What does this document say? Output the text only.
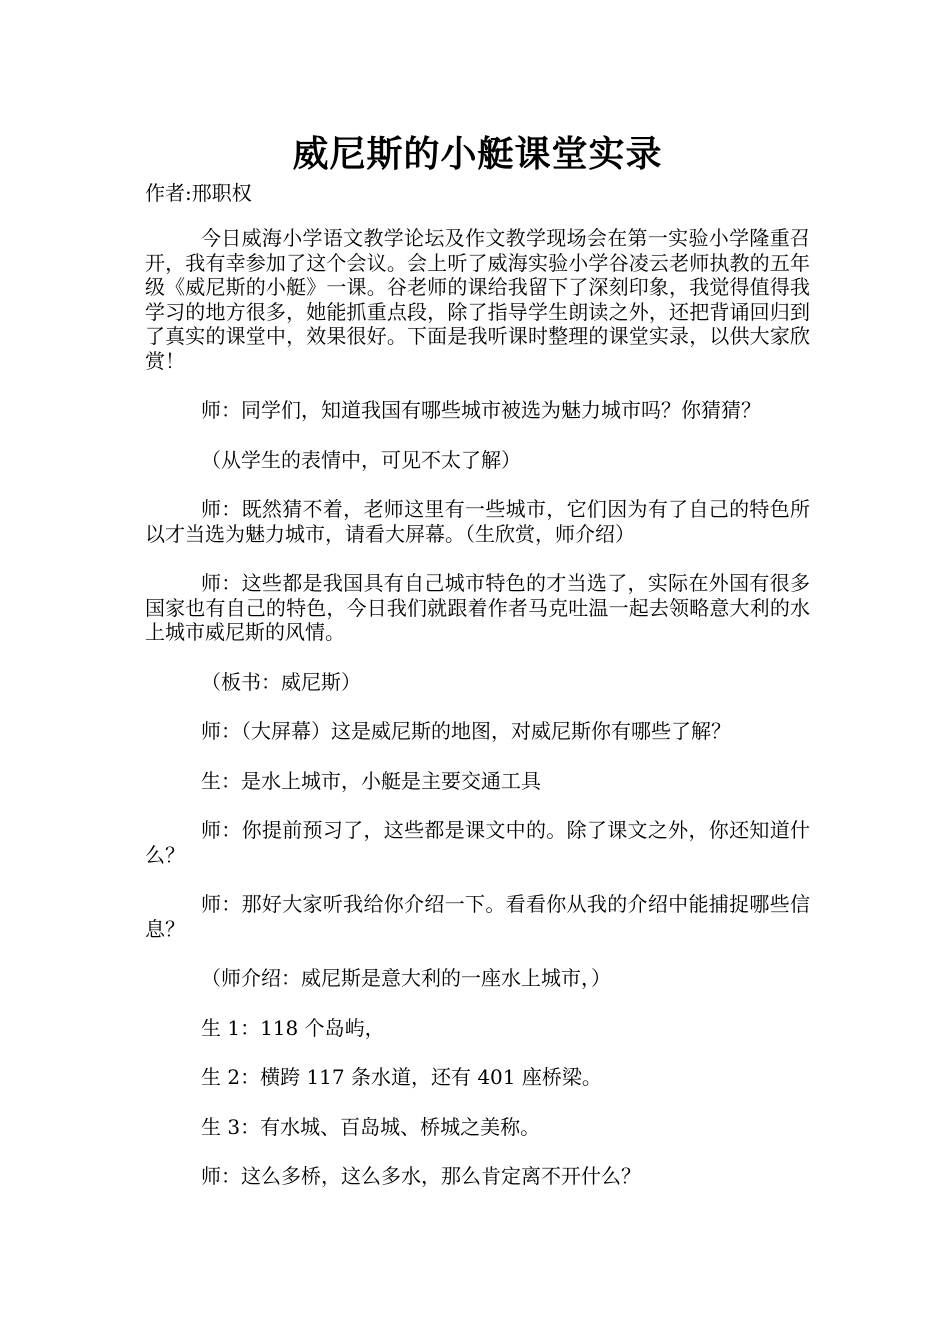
威尼斯的小艇课堂实录
作者:邢职权

今日威海小学语文教学论坛及作文教学现场会在第一实验小学隆重召开，我有幸参加了这个会议。会上听了威海实验小学谷凌云老师执教的五年级《威尼斯的小艇》一课。谷老师的课给我留下了深刻印象，我觉得值得我学习的地方很多，她能抓重点段，除了指导学生朗读之外，还把背诵回归到了真实的课堂中，效果很好。下面是我听课时整理的课堂实录，以供大家欣赏！

师：同学们，知道我国有哪些城市被选为魅力城市吗？你猜猜？

（从学生的表情中，可见不太了解）

师：既然猜不着，老师这里有一些城市，它们因为有了自己的特色所以才当选为魅力城市，请看大屏幕。（生欣赏，师介绍）

师：这些都是我国具有自己城市特色的才当选了，实际在外国有很多国家也有自己的特色，今日我们就跟着作者马克吐温一起去领略意大利的水上城市威尼斯的风情。

（板书：威尼斯）

师：（大屏幕）这是威尼斯的地图，对威尼斯你有哪些了解？

生：是水上城市，小艇是主要交通工具

师：你提前预习了，这些都是课文中的。除了课文之外，你还知道什么？

师：那好大家听我给你介绍一下。看看你从我的介绍中能捕捉哪些信息？

（师介绍：威尼斯是意大利的一座水上城市，）

生 1：118 个岛屿，

生 2：横跨 117 条水道，还有 401 座桥梁。

生 3：有水城、百岛城、桥城之美称。

师：这么多桥，这么多水，那么肯定离不开什么？
